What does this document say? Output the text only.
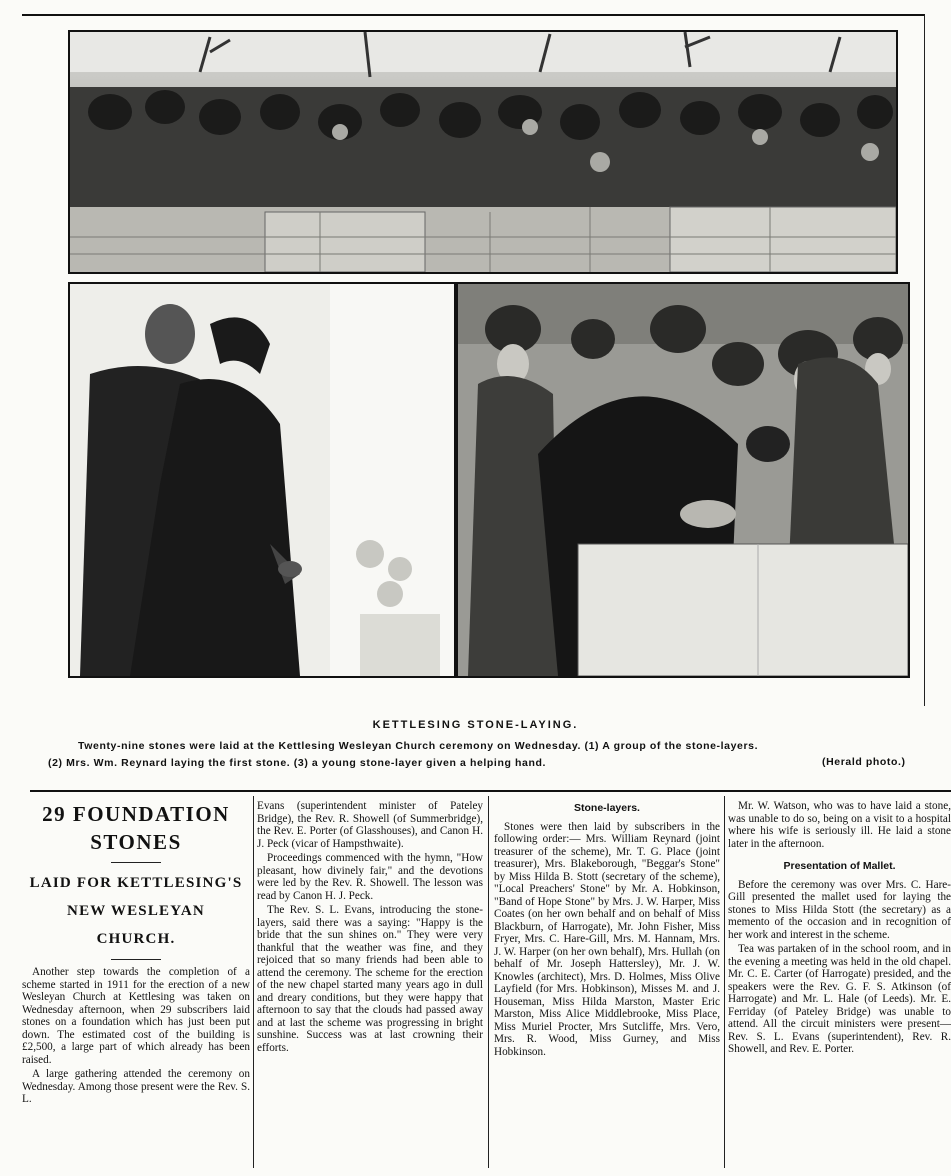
KETTLESING STONE-LAYING.
Twenty-nine stones were laid at the Kettlesing Wesleyan Church ceremony on Wednesday. (1) A group of the stone-layers.
(2) Mrs. Wm. Reynard laying the first stone. (3) a young stone-layer given a helping hand.	(Herald photo.)
29 FOUNDATION
STONES
LAID FOR KETTLESING'S
NEW WESLEYAN
CHURCH.

Another step towards the completion of a scheme started in 1911 for the erection of a new Wesleyan Church at Kettlesing was taken on Wednesday afternoon, when 29 subscribers laid stones on a foundation which has just been put down. The estimated cost of the building is £2,500, a large part of which already has been raised.

A large gathering attended the ceremony on Wednesday. Among those present were the Rev. S. L.

Evans (superintendent minister of Pateley Bridge), the Rev. R. Showell (of Summerbridge), the Rev. E. Porter (of Glasshouses), and Canon H. J. Peck (vicar of Hampsthwaite).

Proceedings commenced with the hymn, "How pleasant, how divinely fair," and the devotions were led by the Rev. R. Showell. The lesson was read by Canon H. J. Peck.

The Rev. S. L. Evans, introducing the stone-layers, said there was a saying: "Happy is the bride that the sun shines on." They were very thankful that the weather was fine, and they rejoiced that so many friends had been able to attend the ceremony. The scheme for the erection of the new chapel started many years ago in dull and dreary conditions, but they were happy that afternoon to say that the clouds had passed away and at last the scheme was progressing in bright sunshine. Success was at last crowning their efforts.

Stone-layers.

Stones were then laid by subscribers in the following order:— Mrs. William Reynard (joint treasurer of the scheme), Mr. T. G. Place (joint treasurer), Mrs. Blakeborough, "Beggar's Stone" by Miss Hilda B. Stott (secretary of the scheme), "Local Preachers' Stone" by Mr. A. Hobkinson, "Band of Hope Stone" by Mrs. J. W. Harper, Miss Coates (on her own behalf and on behalf of Miss Blackburn, of Harrogate), Mr. John Fisher, Miss Fryer, Mrs. C. Hare-Gill, Mrs. M. Hannam, Mrs. J. W. Harper (on her own behalf), Mrs. Hullah (on behalf of Mr. Joseph Hattersley), Mr. J. W. Knowles (architect), Mrs. D. Holmes, Miss Olive Layfield (for Mrs. Hobkinson), Misses M. and J. Houseman, Miss Hilda Marston, Master Eric Marston, Miss Alice Middlebrooke, Miss Place, Miss Muriel Procter, Mrs Sutcliffe, Mrs. Vero, Mrs. R. Wood, Miss Gurney, and Miss Hobkinson.

Mr. W. Watson, who was to have laid a stone, was unable to do so, being on a visit to a hospital where his wife is seriously ill. He laid a stone later in the afternoon.

Presentation of Mallet.

Before the ceremony was over Mrs. C. Hare-Gill presented the mallet used for laying the stones to Miss Hilda Stott (the secretary) as a memento of the occasion and in recognition of her work and interest in the scheme.

Tea was partaken of in the school room, and in the evening a meeting was held in the old chapel. Mr. C. E. Carter (of Harrogate) presided, and the speakers were the Rev. G. F. S. Atkinson (of Harrogate) and Mr. L. Hale (of Leeds). Mr. E. Ferriday (of Pateley Bridge) was unable to attend. All the circuit ministers were present— Rev. S. L. Evans (superintendent), Rev. R. Showell, and Rev. E. Porter.
